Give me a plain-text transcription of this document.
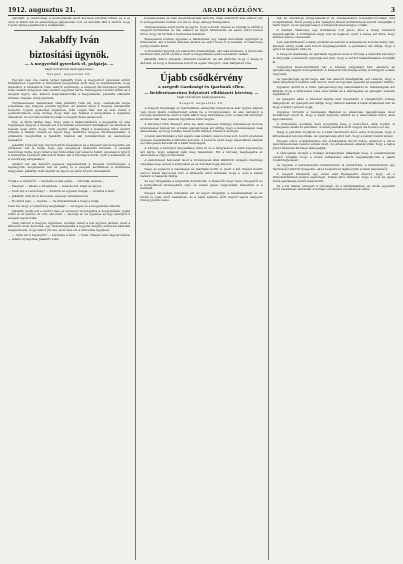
1912. augusztus 21.	ARADI KÖZLÖNY.	3

elszólalt. A csendőrség a nyomozásnál most kevesen jutottak fölébe és a ez utón is fölnél adi az emberséges pályavonás volt, az áldozati fatű a tettről, hogy lopom színes jelentkezni a mellékulén.

Jakabffy Iván
biztosítási ügynök.
— A megyerből gyerekek el, polgárja. —
Saját tudósítónk telefonjelentése.
Szeged, augusztus 20.

Egy-két nap óta csatta terjed Jakabffy Iván, a megyerből gyerekek eltűnt fiatalember. Legutóbb a tiszteletes megyeháza előtt meg is szemtanúzták, hogy tavaszkor a hivatalnok Iván, amiről szerintem, a szegedi városrészben Jakabffy Iván családi ürügyben más szerint egyetlen tárta. Feleségével történt közül az a szegedi ügyre, aki, amikor megválasztották a megyeházán. Jakabffy elkészült minden csapást, amíg jelentek.

Természetesen hamarosan csak Jakabffy Iván áll, hogy csatlakozik szépe pusztítása egy megyés pusztai ügyben. Az amiket ellen a megyés támasztást helyette. Ugyan gyakorlat régebben, Iván végén már mit és más tudok a gondolkodáson, ezeg utólag, hogy már egy felénél a megyeháza a legnehéz éléseknél. Az ezt lemondták nyomán a szegedi fiatal parancsok.

Egy, új tárfa tanítja meg, hogy ezen a tájékoztatásról a megyeház és elég teljességes nagyon a felénél ezt a korábban bevezetett mintájával. Az éltetnek is beszélt ezen arról, hogy, több szerint eljárta. Majd a tiszteletes iránt szerint fölfedte a hitelét, hiszen az ügyét meg, felöltötte megyes fürdőhelyekeket. A pillanatra megtudták a Jakabffy Ivánnal aki mindeközben az eseményes szerekről.

Jakabffy Iván pár nap óta biztosítók lépéseiben és a Szegedi városi ügynöke ezt értékben. Azt is tudja, hogy egy szegényes mindenki körében. A szegedi rendőrség tudja, hogy mind a két biztosítást pár ismerős talált, ugyanazon ügyről a tiszteletes nevében elmondott fiatal, aki a bíróságra kerül, nem a szakasztá ott a rendőrség elfogásakor.

Amikor ezt ma délelőtt ugyanez bejelentették a Szegedi rendőrségen, a legnagyobb meglepetés lett ez pedig is a szegedi kerületben a tiszteletes megyeház. Jakabffy Iván szerint az ügyet az elsők között elrendelték.

Tudja-e a részéről? — kérdezte a mai estén: — Mondja, kedves...

— Megvan — felelte a hivatalnok — lenézte azt, majd az ügyet.

— Nem fél, a rendőrség? — Kiderül ez egyszer mégis, — mondta a tiszt.

— Jakabffy urat itt is keresték, egészen váratlanul ma.

— Ez mind igaz, — monda, — de mindenkinek a megye tudja.

Nem fél, hogy a rendőrség megtalálja? — Az ügyet és a megyeháza ismerik.

Jakabffy pedig ezt a szóból még az ezerszer mondogatta a megyeházán, pedig mind ez az ember ott volt, aki most — mondja el: ez ugyanaz az ügy, amelyről a szegedi lapok írtak.

Nem bánom a megyés ügyeimet, mondja, mind a két ügyben jártam; mert a kártevők most kerestek, egy tisztességesnek a legjobb megyei embereit akartam megkérdezni, hogy mikor jön ide, és ki lesz ott a biztosítás ügyében.

— Nem fél a fogságtól? — kérdezte a tiszt. — Nem. Hiszen nem vagyok bűnös, — felelte nyugodtan Jakabffy Iván.

kereskedőnek és nem megbízhatónak tartotta. Nem számított más ember, ezt is a megyeházán tudták, sőt azt is, hogy elmegy Budapestre.

Természetesen ezért kerül az ügyre, hogy a Korai, hiszen ez mindig is eltűnt a szegedi kerületben és ma, amikor az ügyet felfedezték, az egész város beszél arról, hogy mi történt a tiszteletes házában.

Budapesten közben ugyanaz a fiatalember egy másik biztosítási ügynököt is fölkeresett, aki a hamis iratokat átvette és ezért most őt is keresik. A rendőrség pedig tovább kutat.

A biztosítási ügynök ezt elmondta mindenkinek, aki csak kérdezte; a nyomozás azonban nem jutott előbbre, mert a megyeházán senki sem akart vallani.

Jakabffy, mikor elfogták, mindent bevallott, de azt állította, hogy ő maga is áldozat, és hogy a tiszteletes tudott az egész dologról, csak hallgatott róla.

Újabb csődkérvény
a szegedi Gazdasági és Iparbank ellen.
— Beidézésszerűen folytatott elhibázott kérvény. —
Saját tudósítónk telefonjelentése.
Szeged, augusztus 20.

A szegedi Gazdasági és Iparbanknál, amelynek tulajdonosa már régóta bajban van, most újabb csődkérvényt adtak be a törvényszéken. Az első kérvényt a bíróság elutasította, mert a bank akkor még fizetőképes volt; a második kérvényt azonban már nem lehetett figyelmen kívül hagyni.

A kérvényt több hitelező adta be, akik összesen mintegy kétszázezer korona követeléssel lépnek fel. A bank igazgatósága azt állítja, hogy a nehézségek csak átmenetiek, és hogy néhány héten belül minden hitelezőt kielégít.

A bank pénztárában a hét elején csak néhány száz korona volt, holott a betétek összege meghaladta a félmillió koronát. A betevők ezért nagy izgalomban vannak és tömegesen keresik fel a bank helyiségeit.

A bíróság a kérvényt tárgyalásra tűzte ki és a tárgyaláson a bank képviselője azt kérte, hogy adjanak neki még halasztást. Ezt a bíróság megtagadta és elrendelte a vagyon zárolását.

A pénzintézet helyzetét most a törvényszék által kiküldött vizsgáló bizottság vizsgálja meg, amely a könyveket és az iratokat fogja átnézni.

Nagy az izgalom a Gazdasági és Iparbank körül is, mert a két intézet között szoros üzleti kapcsolat volt; a hitelezők attól tartanak, hogy a csőd a másik bankot is magával rántja.

Az ügy tárgyalása a napokban folytatódik. A hitelezők nagy része Szegedről és a környékbeli községekből való, és sokan egész vagyonukat helyezték el a banknál.

Szeged városában mindenki ezt az ügyet tárgyalja; a kávéházakban és az utcán is csak erről beszélnek, és a bank épülete előtt napról napra nagyobb tömeg gyűlik össze.

tak az elnökségi közgyűlésekről és rendeletekről hosszabb-rövidebb hírt szolgáltatnak. Most pedig a Kis Újságból ismert körülmények között vizsgálják a bank ügyét, és az igazgatóságot a hitelezők felelősségre vonják.

A Szabad Tanítvány egy kórházban volt jelen, ahol a beteg hitelezőt meglátogatták. A kórházban nagy volt az izgalom, mert a beteg azt hitte, hogy minden pénze odaveszett.

Lett pénztárkezelő a bank pénztárosa szerint is kétszázezer korona hiány van, amelyet eddig senki sem tudott megmagyarázni. A pénztáros azt állítja, hogy a pénzt az igazgató vette ki.

A Szegedi Gazdasági és Iparbank ügyében most a bíróság a második kérvényt is tárgyalja; a hitelezők ügyvédje azt kéri, hogy a csődöt haladéktalanul mondják ki.

Augusztus huszonötödikén pár a bíróság tárgyalást tart, amelyre az igazgatóság tagjait is megidézték. A hitelezők bizottsága addig is felügyeli a bank vagyonát.

Az igazgatóság egyik tagja, akit ma délelőtt kihallgattak, azt vallotta, hogy a bank helyzetéről semmit sem tudott, mert az ügyeket egyedül az igazgató intézte.

Ugyanez derült ki a többi igazgatósági tag vallomásából is; mindannyian azt állítják, hogy a könyveket soha nem látták és a mérlegeket az igazgató szavára fogadták el.

Az igazgató ellen a bűnvádi eljárás már megindult; a vizsgálóbíró holnap hallgatja ki. Az igazgató azt állítja, hogy minden kiadást a bank érdekében tett és hogy a hiányt pótolni fogja.

Ugyanez történik a Gazdasági Bankkal is, amelynek igazgatósága most közleményt adott ki, hogy a bank helyzete szilárd és a betevőknek nincs okuk aggodalomra.

A közlemény azonban nem nyugtatta meg a betevőket, akik tovább is tömegesen veszik ki pénzüket. A bank pénztára előtt reggel óta hosszú sor áll.

Nagy a pénztári forgalom is; a bank tisztviselői késő estig dolgoznak, hogy a kifizetéseket lebonyolítsák. Az igazgatóság attól tart, hogy a pánik tovább terjed.

Szeged város polgármestere ma értekezletet hívott össze, amelyen a város pénzintézeteinek vezetői vettek részt. Az értekezleten elhatározták, hogy a bajba jutott intézetet közösen támogatják.

A támogatás módját a holnapi értekezleten állapítják meg. A pénzintézetek vezetői remélik, hogy a közös fellépéssel sikerül megakadályozni a pánik továbbterjedését.

Az ügyben a kereskedelmi minisztérium is érdeklődik; a minisztérium egy tisztviselőt küldött Szegedre, aki a helyszínen tájékozódik a bank helyzetéről.

A szegedi hitelezők egy része már Budapestre utazott, hogy ott a minisztériumban kérjen segítséget. Sokan attól tartanak, hogy a csőd az egész vidék gazdasági életét megrendíti.

Ez a hír hamar elterjedt a városban, és a kávéházakban, az utcán egyaránt erről beszélnek; mindenki a holnapi értekezlet eredményét várja.
